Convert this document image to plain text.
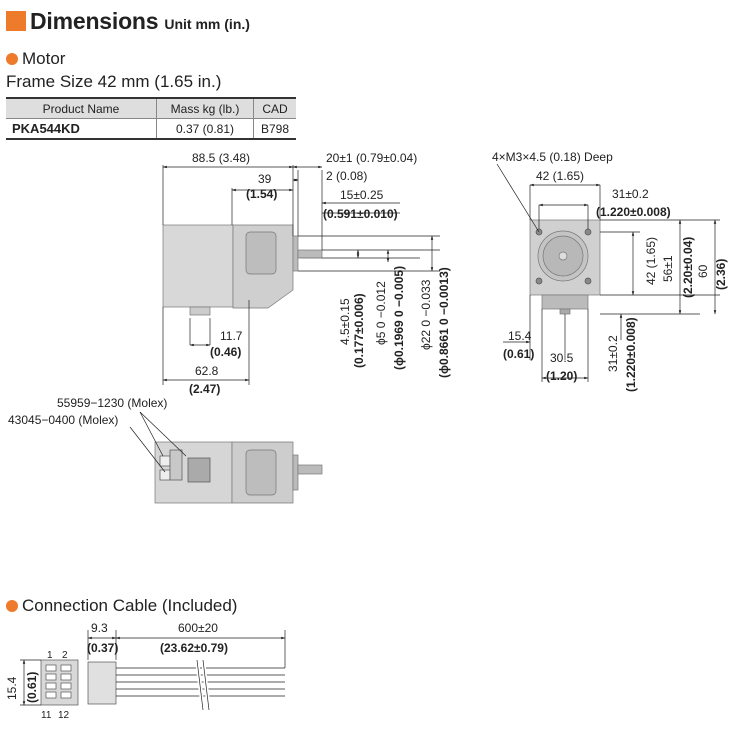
Dimensions Unit mm (in.)
Motor
Frame Size 42 mm (1.65 in.)
Product Name	Mass kg (lb.)	CAD
PKA544KD	0.37 (0.81)	B798
Connection Cable (Included)
88.5 (3.48)
39
(1.54)
20±1 (0.79±0.04)
2 (0.08)
15±0.25
(0.591±0.010)
11.7
(0.46)
62.8
(2.47)
4.5±0.15 (0.177±0.006) ϕ5 0 −0.012 (ϕ0.1969 0 −0.005) ϕ22 0 −0.033 (ϕ0.8661 0 −0.0013)
4×M3×4.5 (0.18) Deep
42 (1.65)
31±0.2
(1.220±0.008)
42 (1.65) 56±1 (2.20±0.04) 60 (2.36)
15.4
(0.61) 30.5
(1.20)
31±0.2 (1.220±0.008)
55959−1230 (Molex)
43045−0400 (Molex)
9.3
(0.37)
600±20
(23.62±0.79)
15.4 (0.61)
1 2
11 12
